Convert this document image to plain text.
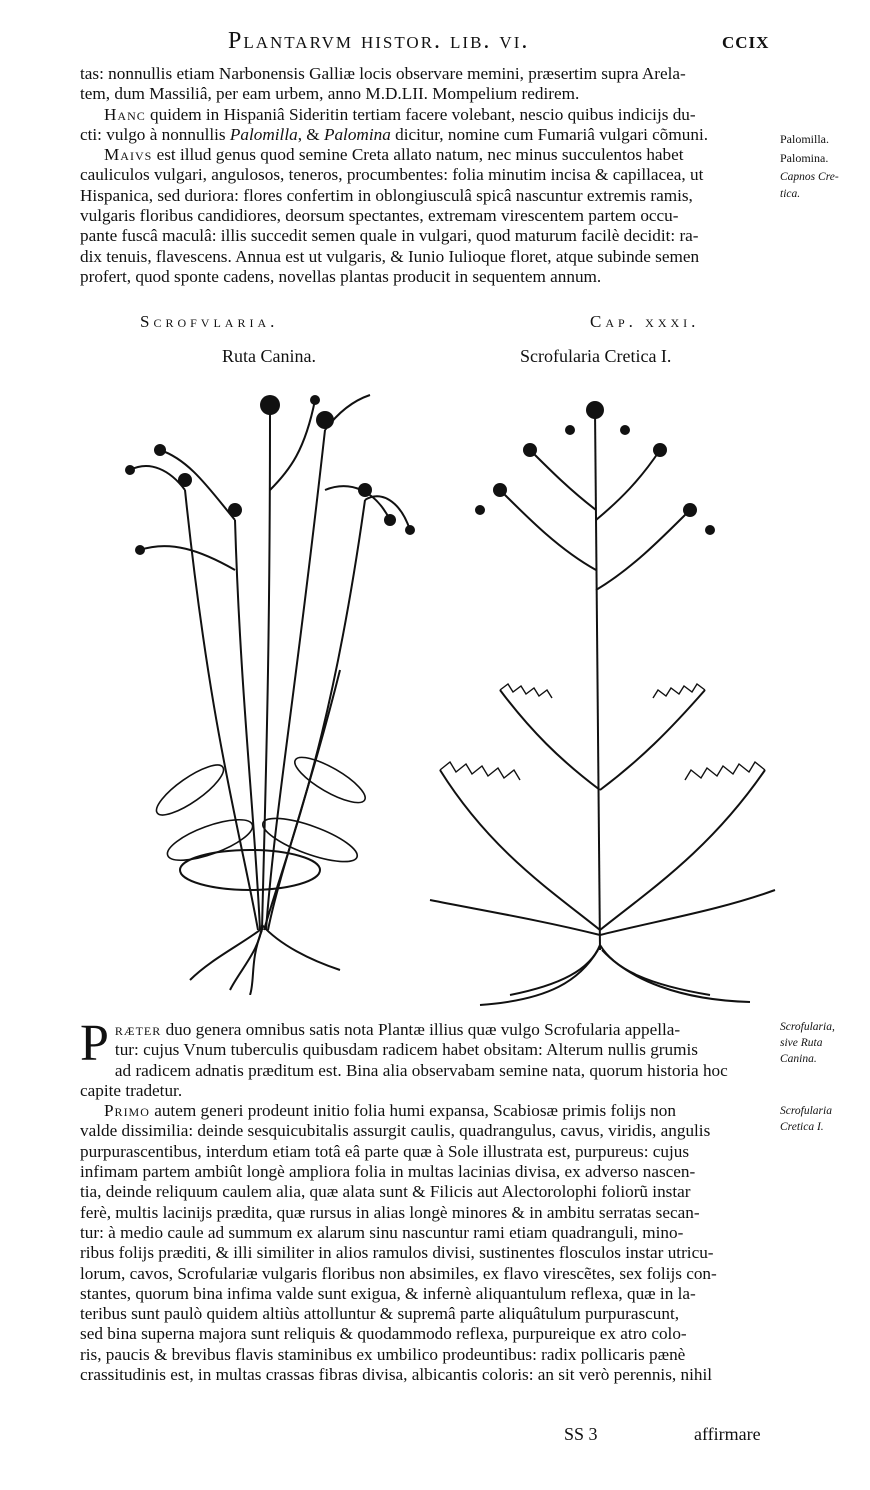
Plantarvm histor. lib. vi.	ccix

tas: nonnullis etiam Narbonensis Galliæ locis observare memini, præsertim supra Arela-

tem, dum Massiliâ, per eam urbem, anno M.D.LII. Mompelium redirem.

Hanc quidem in Hispaniâ Sideritin tertiam facere volebant, nescio quibus indicijs du-

cti: vulgo à nonnullis Palomilla, & Palomina dicitur, nomine cum Fumariâ vulgari cõmuni.

Maivs est illud genus quod semine Creta allato natum, nec minus succulentos habet

cauliculos vulgari, angulosos, teneros, procumbentes: folia minutim incisa & capillacea, ut

Hispanica, sed duriora: flores confertim in oblongiusculâ spicâ nascuntur extremis ramis,

vulgaris floribus candidiores, deorsum spectantes, extremam virescentem partem occu-

pante fuscâ maculâ: illis succedit semen quale in vulgari, quod maturum facilè decidit: ra-

dix tenuis, flavescens. Annua est ut vulgaris, & Iunio Iulioque floret, atque subinde semen

profert, quod sponte cadens, novellas plantas producit in sequentem annum.

Palomilla.
Palomina.
Capnos Cre-
tica.
Scrofvlaria.	Cap. xxxi.
Ruta Canina.	Scrofularia Cretica I.

Præter duo genera omnibus satis nota Plantæ illius quæ vulgo Scrofularia appella-

tur: cujus Vnum tuberculis quibusdam radicem habet obsitam: Alterum nullis grumis

ad radicem adnatis præditum est. Bina alia observabam semine nata, quorum historia hoc

capite tradetur.

Primo autem generi prodeunt initio folia humi expansa, Scabiosæ primis folijs non

valde dissimilia: deinde sesquicubitalis assurgit caulis, quadrangulus, cavus, viridis, angulis

purpurascentibus, interdum etiam totâ eâ parte quæ à Sole illustrata est, purpureus: cujus

infimam partem ambiût longè ampliora folia in multas lacinias divisa, ex adverso nascen-

tia, deinde reliquum caulem alia, quæ alata sunt & Filicis aut Alectorolophi foliorũ instar

ferè, multis lacinijs prædita, quæ rursus in alias longè minores & in ambitu serratas secan-

tur: à medio caule ad summum ex alarum sinu nascuntur rami etiam quadranguli, mino-

ribus folijs præditi, & illi similiter in alios ramulos divisi, sustinentes flosculos instar utricu-

lorum, cavos, Scrofulariæ vulgaris floribus non absimiles, ex flavo virescẽtes, sex folijs con-

stantes, quorum bina infima valde sunt exigua, & infernè aliquantulum reflexa, quæ in la-

teribus sunt paulò quidem altiùs attolluntur & supremâ parte aliquâtulum purpurascunt,

sed bina superna majora sunt reliquis & quodammodo reflexa, purpureique ex atro colo-

ris, paucis & brevibus flavis staminibus ex umbilico prodeuntibus: radix pollicaris pænè

crassitudinis est, in multas crassas fibras divisa, albicantis coloris: an sit verò perennis, nihil

Scrofularia,
sive Ruta
Canina.
Scrofularia
Cretica I.
SS 3	affirmare
